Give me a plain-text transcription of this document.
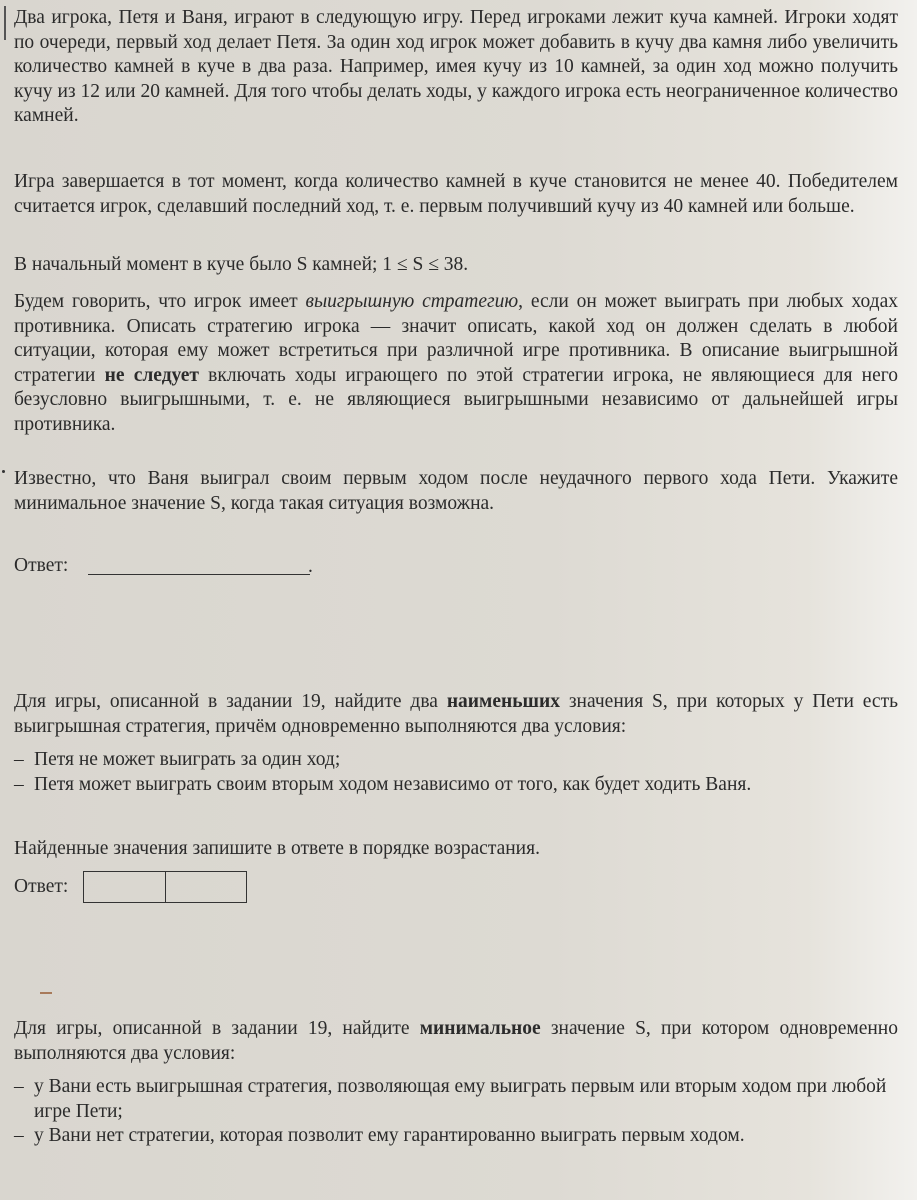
Два игрока, Петя и Ваня, играют в следующую игру. Перед игроками лежит куча камней. Игроки ходят по очереди, первый ход делает Петя. За один ход игрок может добавить в кучу два камня либо увеличить количество камней в куче в два раза. Например, имея кучу из 10 камней, за один ход можно получить кучу из 12 или 20 камней. Для того чтобы делать ходы, у каждого игрока есть неограниченное количество камней.

Игра завершается в тот момент, когда количество камней в куче становится не менее 40. Победителем считается игрок, сделавший последний ход, т. е. первым получивший кучу из 40 камней или больше.

В начальный момент в куче было S камней; 1 ≤ S ≤ 38.

Будем говорить, что игрок имеет выигрышную стратегию, если он может выиграть при любых ходах противника. Описать стратегию игрока — значит описать, какой ход он должен сделать в любой ситуации, которая ему может встретиться при различной игре противника. В описание выигрышной стратегии не следует включать ходы играющего по этой стратегии игрока, не являющиеся для него безусловно выигрышными, т. е. не являющиеся выигрышными независимо от дальнейшей игры противника.

Известно, что Ваня выиграл своим первым ходом после неудачного первого хода Пети. Укажите минимальное значение S, когда такая ситуация возможна.

Ответ:	.

Для игры, описанной в задании 19, найдите два наименьших значения S, при которых у Пети есть выигрышная стратегия, причём одновременно выполняются два условия:

– Петя не может выиграть за один ход;
– Петя может выиграть своим вторым ходом независимо от того, как будет ходить Ваня.

Найденные значения запишите в ответе в порядке возрастания.

Ответ:

Для игры, описанной в задании 19, найдите минимальное значение S, при котором одновременно выполняются два условия:

– у Вани есть выигрышная стратегия, позволяющая ему выиграть первым или вторым ходом при любой игре Пети;
– у Вани нет стратегии, которая позволит ему гарантированно выиграть первым ходом.
